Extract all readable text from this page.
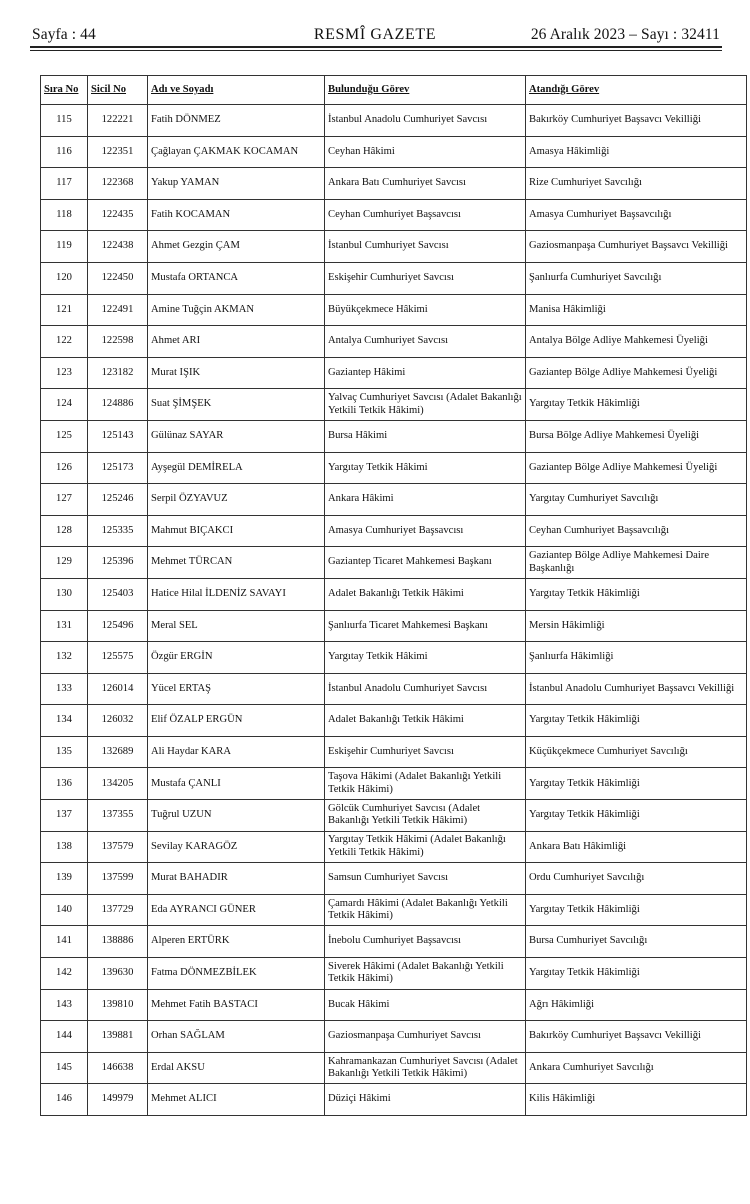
Sayfa : 44	RESMÎ GAZETE	26 Aralık 2023 – Sayı : 32411
Sıra No	Sicil No	Adı ve Soyadı	Bulunduğu Görev	Atandığı Görev
115	122221	Fatih DÖNMEZ	İstanbul Anadolu Cumhuriyet Savcısı	Bakırköy Cumhuriyet Başsavcı Vekilliği
116	122351	Çağlayan ÇAKMAK KOCAMAN	Ceyhan Hâkimi	Amasya Hâkimliği
117	122368	Yakup YAMAN	Ankara Batı Cumhuriyet Savcısı	Rize Cumhuriyet Savcılığı
118	122435	Fatih KOCAMAN	Ceyhan Cumhuriyet Başsavcısı	Amasya Cumhuriyet Başsavcılığı
119	122438	Ahmet Gezgin ÇAM	İstanbul Cumhuriyet Savcısı	Gaziosmanpaşa Cumhuriyet Başsavcı Vekilliği
120	122450	Mustafa ORTANCA	Eskişehir Cumhuriyet Savcısı	Şanlıurfa Cumhuriyet Savcılığı
121	122491	Amine Tuğçin AKMAN	Büyükçekmece Hâkimi	Manisa Hâkimliği
122	122598	Ahmet ARI	Antalya Cumhuriyet Savcısı	Antalya Bölge Adliye Mahkemesi Üyeliği
123	123182	Murat IŞIK	Gaziantep Hâkimi	Gaziantep Bölge Adliye Mahkemesi Üyeliği
124	124886	Suat ŞİMŞEK	Yalvaç Cumhuriyet Savcısı (Adalet Bakanlığı Yetkili Tetkik Hâkimi)	Yargıtay Tetkik Hâkimliği
125	125143	Gülünaz SAYAR	Bursa Hâkimi	Bursa Bölge Adliye Mahkemesi Üyeliği
126	125173	Ayşegül DEMİRELA	Yargıtay Tetkik Hâkimi	Gaziantep Bölge Adliye Mahkemesi Üyeliği
127	125246	Serpil ÖZYAVUZ	Ankara Hâkimi	Yargıtay Cumhuriyet Savcılığı
128	125335	Mahmut BIÇAKCI	Amasya Cumhuriyet Başsavcısı	Ceyhan Cumhuriyet Başsavcılığı
129	125396	Mehmet TÜRCAN	Gaziantep Ticaret Mahkemesi Başkanı	Gaziantep Bölge Adliye Mahkemesi Daire Başkanlığı
130	125403	Hatice Hilal İLDENİZ SAVAYI	Adalet Bakanlığı Tetkik Hâkimi	Yargıtay Tetkik Hâkimliği
131	125496	Meral SEL	Şanlıurfa Ticaret Mahkemesi Başkanı	Mersin Hâkimliği
132	125575	Özgür ERGİN	Yargıtay Tetkik Hâkimi	Şanlıurfa Hâkimliği
133	126014	Yücel ERTAŞ	İstanbul Anadolu Cumhuriyet Savcısı	İstanbul Anadolu Cumhuriyet Başsavcı Vekilliği
134	126032	Elif ÖZALP ERGÜN	Adalet Bakanlığı Tetkik Hâkimi	Yargıtay Tetkik Hâkimliği
135	132689	Ali Haydar KARA	Eskişehir Cumhuriyet Savcısı	Küçükçekmece Cumhuriyet Savcılığı
136	134205	Mustafa ÇANLI	Taşova Hâkimi (Adalet Bakanlığı Yetkili Tetkik Hâkimi)	Yargıtay Tetkik Hâkimliği
137	137355	Tuğrul UZUN	Gölcük Cumhuriyet Savcısı (Adalet Bakanlığı Yetkili Tetkik Hâkimi)	Yargıtay Tetkik Hâkimliği
138	137579	Sevilay KARAGÖZ	Yargıtay Tetkik Hâkimi (Adalet Bakanlığı Yetkili Tetkik Hâkimi)	Ankara Batı Hâkimliği
139	137599	Murat BAHADIR	Samsun Cumhuriyet Savcısı	Ordu Cumhuriyet Savcılığı
140	137729	Eda AYRANCI GÜNER	Çamardı Hâkimi (Adalet Bakanlığı Yetkili Tetkik Hâkimi)	Yargıtay Tetkik Hâkimliği
141	138886	Alperen ERTÜRK	İnebolu Cumhuriyet Başsavcısı	Bursa Cumhuriyet Savcılığı
142	139630	Fatma DÖNMEZBİLEK	Siverek Hâkimi (Adalet Bakanlığı Yetkili Tetkik Hâkimi)	Yargıtay Tetkik Hâkimliği
143	139810	Mehmet Fatih BASTACI	Bucak Hâkimi	Ağrı Hâkimliği
144	139881	Orhan SAĞLAM	Gaziosmanpaşa Cumhuriyet Savcısı	Bakırköy Cumhuriyet Başsavcı Vekilliği
145	146638	Erdal AKSU	Kahramankazan Cumhuriyet Savcısı (Adalet Bakanlığı Yetkili Tetkik Hâkimi)	Ankara Cumhuriyet Savcılığı
146	149979	Mehmet ALICI	Düziçi Hâkimi	Kilis Hâkimliği
